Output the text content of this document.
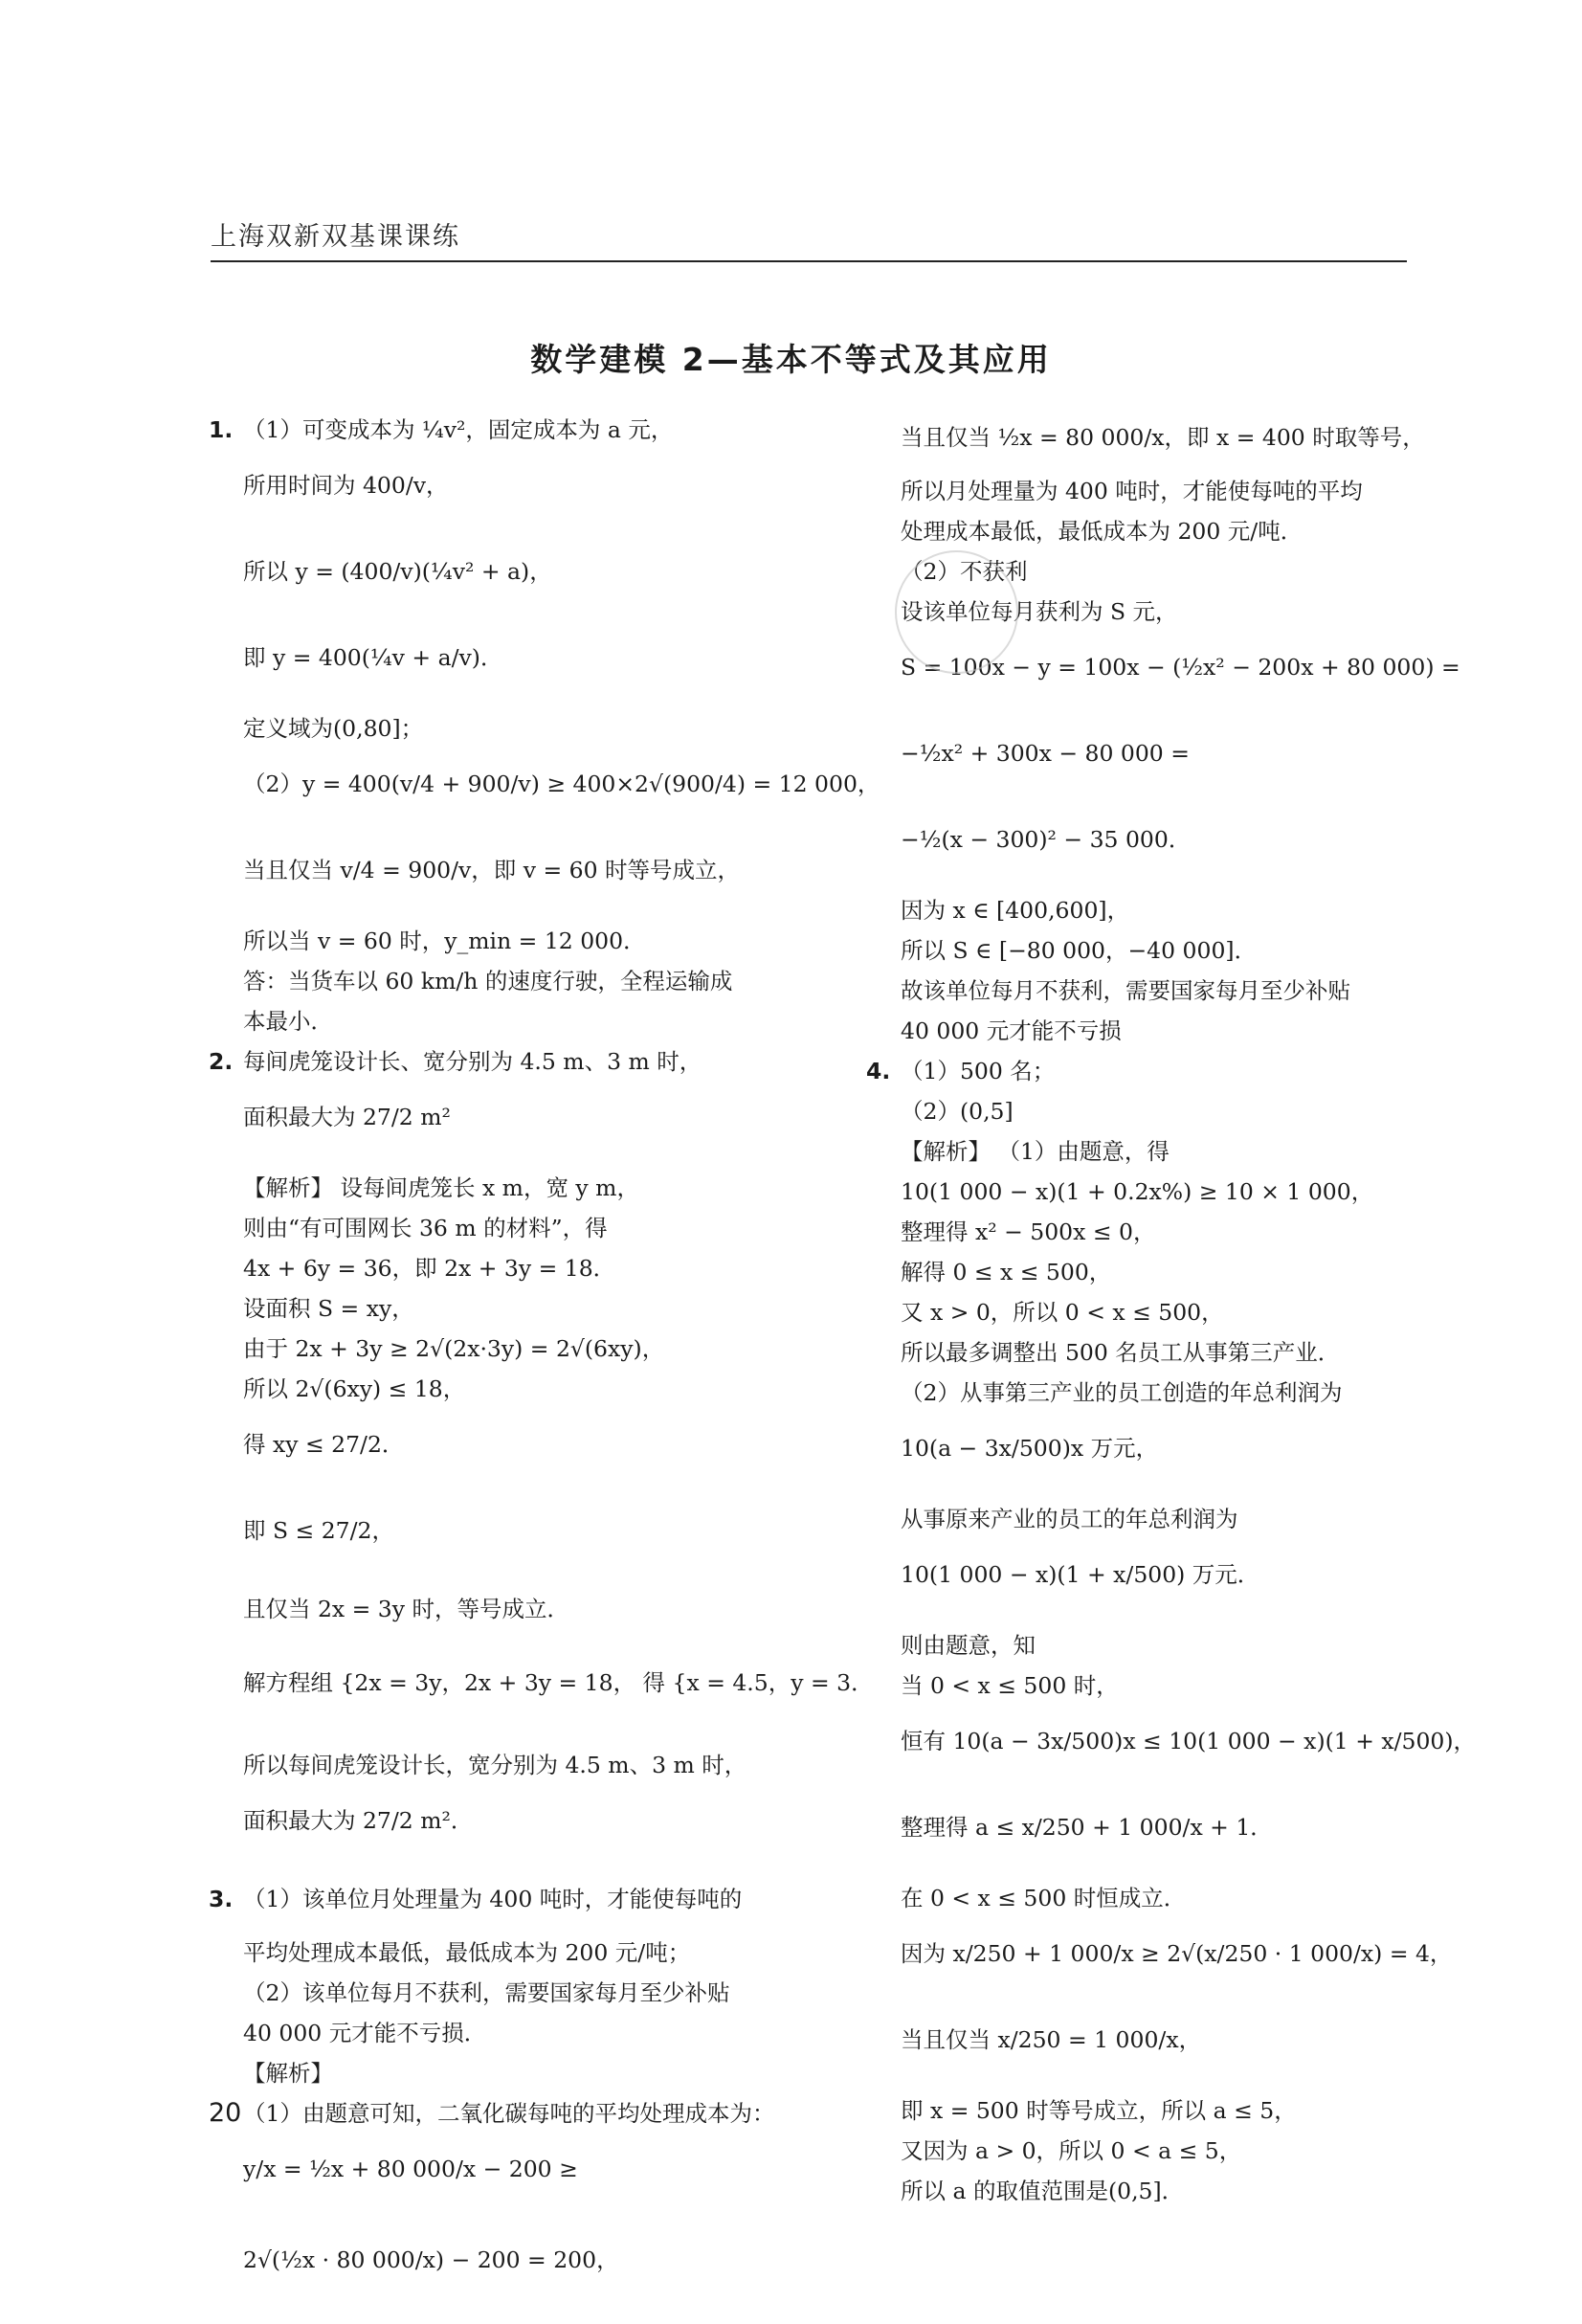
上海双新双基课课练
数学建模 2—基本不等式及其应用

1. （1）可变成本为 ¼v²，固定成本为 a 元，

所用时间为 400/v，

所以 y = (400/v)(¼v² + a)，

即 y = 400(¼v + a/v)．

定义域为(0,80]；

（2）y = 400(v/4 + 900/v) ≥ 400×2√(900/4) = 12 000，

当且仅当 v/4 = 900/v，即 v = 60 时等号成立，

所以当 v = 60 时，y_min = 12 000．

答：当货车以 60 km/h 的速度行驶，全程运输成

本最小．

2. 每间虎笼设计长、宽分别为 4.5 m、3 m 时，

面积最大为 27/2 m²

【解析】 设每间虎笼长 x m，宽 y m，

则由“有可围网长 36 m 的材料”，得

4x + 6y = 36，即 2x + 3y = 18．

设面积 S = xy，

由于 2x + 3y ≥ 2√(2x·3y) = 2√(6xy)，

所以 2√(6xy) ≤ 18，

得 xy ≤ 27/2．

即 S ≤ 27/2，

且仅当 2x = 3y 时，等号成立．

解方程组 {2x = 3y，2x + 3y = 18， 得 {x = 4.5，y = 3．

所以每间虎笼设计长，宽分别为 4.5 m、3 m 时，

面积最大为 27/2 m²．

3. （1）该单位月处理量为 400 吨时，才能使每吨的

平均处理成本最低，最低成本为 200 元/吨；

（2）该单位每月不获利，需要国家每月至少补贴

40 000 元才能不亏损．

【解析】

（1）由题意可知，二氧化碳每吨的平均处理成本为：

y/x = ½x + 80 000/x − 200 ≥

2√(½x · 80 000/x) − 200 = 200，

当且仅当 ½x = 80 000/x，即 x = 400 时取等号，

所以月处理量为 400 吨时，才能使每吨的平均

处理成本最低，最低成本为 200 元/吨．

（2）不获利

设该单位每月获利为 S 元，

S = 100x − y = 100x − (½x² − 200x + 80 000) =

−½x² + 300x − 80 000 =

−½(x − 300)² − 35 000．

因为 x ∈ [400,600]，

所以 S ∈ [−80 000，−40 000]．

故该单位每月不获利，需要国家每月至少补贴

40 000 元才能不亏损

4. （1）500 名；

（2）(0,5]

【解析】 （1）由题意，得

10(1 000 − x)(1 + 0.2x%) ≥ 10 × 1 000，

整理得 x² − 500x ≤ 0，

解得 0 ≤ x ≤ 500，

又 x > 0，所以 0 < x ≤ 500，

所以最多调整出 500 名员工从事第三产业．

（2）从事第三产业的员工创造的年总利润为

10(a − 3x/500)x 万元，

从事原来产业的员工的年总利润为

10(1 000 − x)(1 + x/500) 万元．

则由题意，知

当 0 < x ≤ 500 时，

恒有 10(a − 3x/500)x ≤ 10(1 000 − x)(1 + x/500)，

整理得 a ≤ x/250 + 1 000/x + 1．

在 0 < x ≤ 500 时恒成立．

因为 x/250 + 1 000/x ≥ 2√(x/250 · 1 000/x) = 4，

当且仅当 x/250 = 1 000/x，

即 x = 500 时等号成立，所以 a ≤ 5，

又因为 a > 0，所以 0 < a ≤ 5，

所以 a 的取值范围是(0,5]．

20
